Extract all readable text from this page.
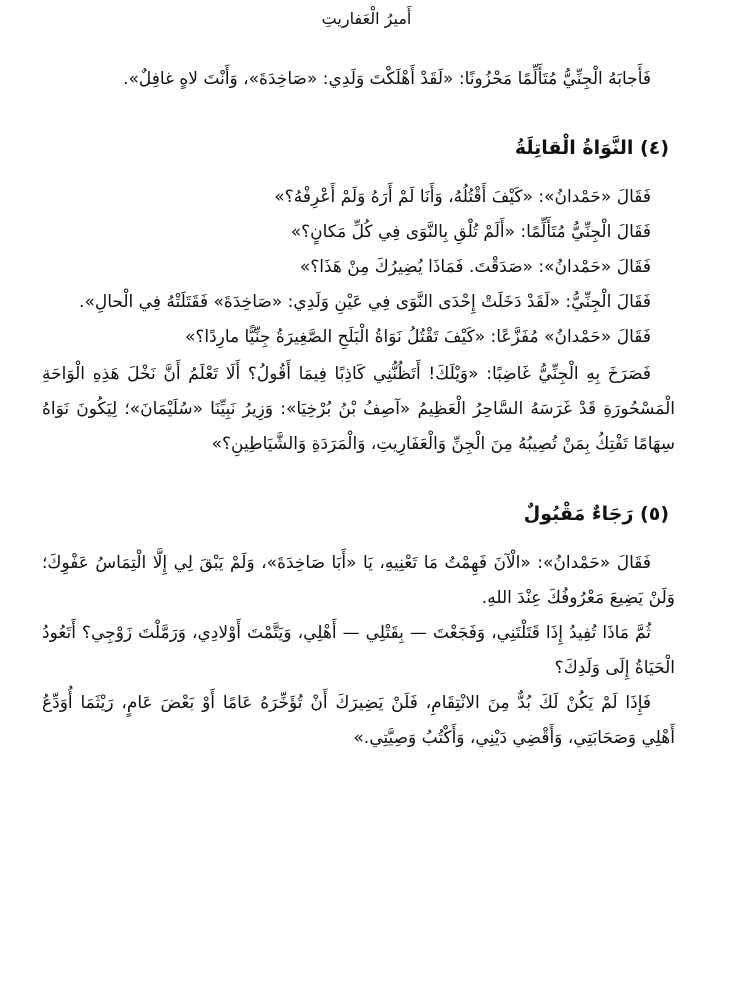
أَميرُ الْعَفاريتِ

فَأَجابَهُ الْجِنِّيُّ مُتَأَلِّمًا مَحْزُونًا: «لَقَدْ أَهْلَكْتَ وَلَدِي: «صَاخِدَةَ»، وَأَنْتَ لاهٍ غافِلٌ».

(٤) النَّوَاةُ الْقاتِلَةُ
فَقَالَ «حَمْدانُ»: «كَيْفَ أَقْتُلُهُ، وَأَنَا لَمْ أَرَهُ وَلَمْ أَعْرِفْهُ؟»
فَقَالَ الْجِنِّيُّ مُتَأَلِّمًا: «أَلَمْ تُلْقِ بِالنَّوَى فِي كُلِّ مَكانٍ؟»
فَقَالَ «حَمْدانُ»: «صَدَقْتَ. فَمَاذَا يُضِيرُكَ مِنْ هَذَا؟»
فَقَالَ الْجِنِّيُّ: «لَقَدْ دَخَلَتْ إِحْدَى النَّوَى فِي عَيْنِ وَلَدِي: «صَاخِدَةَ» فَقَتَلَتْهُ فِي الْحالِ».
فَقَالَ «حَمْدانُ» مُفَزَّعًا: «كَيْفَ تَقْتُلُ نَوَاةُ الْبَلَحِ الصَّغِيرَةُ جِنِّيًّا مارِدًا؟»

فَصَرَخَ بِهِ الْجِنِّيُّ غَاضِبًا: «وَيْلَكَ! أَتَظُنُّنِي كَاذِبًا فِيمَا أَقُولُ؟ أَلَا تَعْلَمُ أَنَّ نَخْلَ هَذِهِ الْوَاحَةِ الْمَسْحُورَةِ قَدْ غَرَسَهُ السَّاحِرُ الْعَظِيمُ «آصِفُ بْنُ بُرْخِيَا»: وَزِيرُ نَبِيِّنَا «سُلَيْمَانَ»؛ لِيَكُونَ نَوَاهُ سِهَامًا تَفْتِكُ بِمَنْ تُصِيبُهُ مِنَ الْجِنِّ وَالْعَفَارِيتِ، وَالْمَرَدَةِ وَالشَّيَاطِينِ؟»

(٥) رَجَاءٌ مَقْبُولٌ

فَقَالَ «حَمْدانُ»: «الْآنَ فَهِمْتُ مَا تَعْنِيهِ، يَا «أَبَا صَاخِدَةَ»، وَلَمْ يَبْقَ لِي إِلَّا الْتِمَاسُ عَفْوِكَ؛ وَلَنْ يَضِيعَ مَعْرُوفُكَ عِنْدَ اللهِ.

ثُمَّ مَاذَا تُفِيدُ إِذَا قَتَلْتَنِي، وَفَجَعْتَ — بِقَتْلِي — أَهْلِي، وَيَتَّمْتَ أَوْلادِي، وَرَمَّلْتَ زَوْجِي؟ أَتَعُودُ الْحَيَاةُ إِلَى وَلَدِكَ؟

فَإِذَا لَمْ يَكُنْ لَكَ بُدٌّ مِنَ الانْتِقَامِ، فَلَنْ يَضِيرَكَ أَنْ تُؤَخِّرَهُ عَامًا أَوْ بَعْضَ عَامٍ، رَيْثَمَا أُوَدِّعُ أَهْلِي وَصَحَابَتِي، وَأَقْضِي دَيْنِي، وَأَكْتُبُ وَصِيَّتِي.»
